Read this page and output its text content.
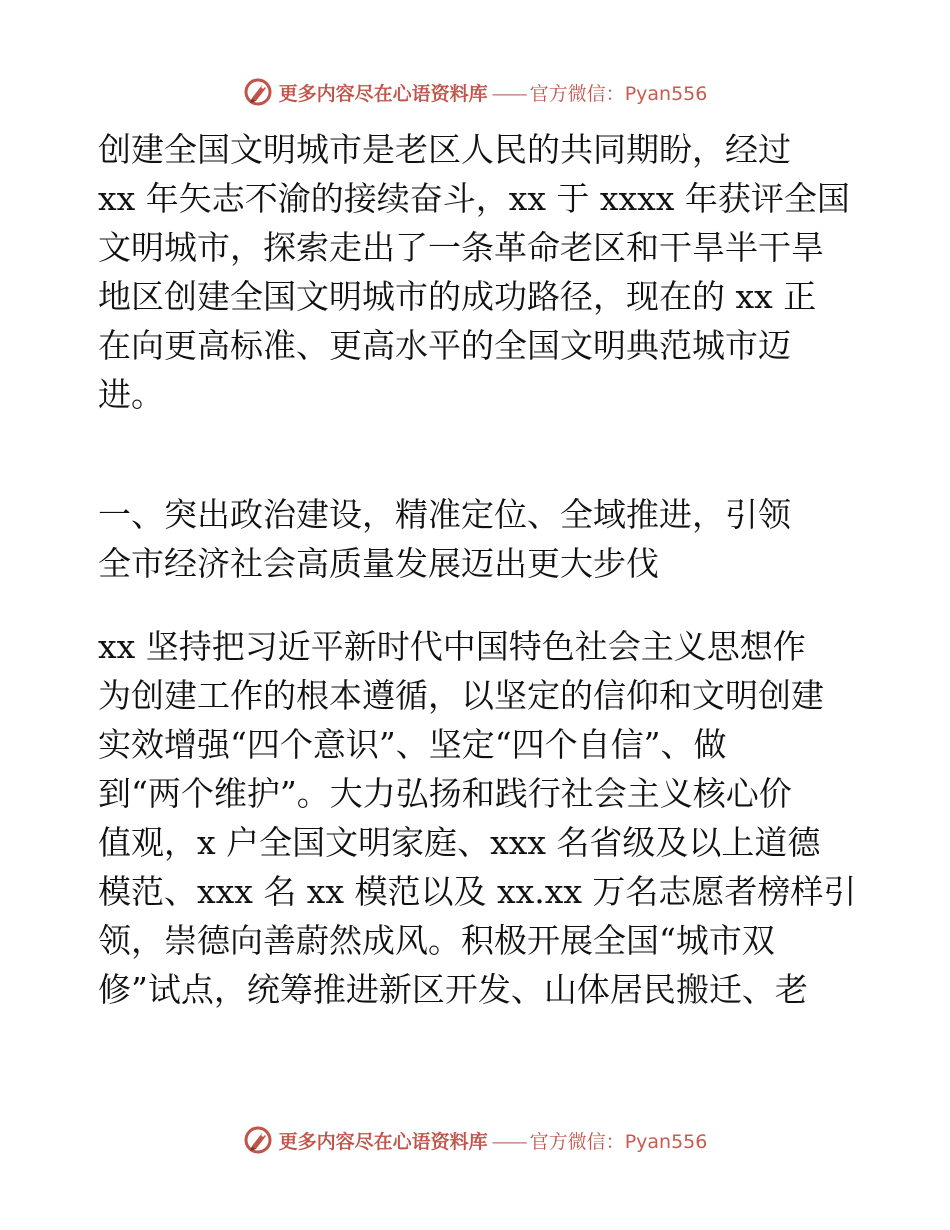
更多内容尽在心语资料库 —— 官方微信：Pyan556

创建全国文明城市是老区人民的共同期盼，经过
xx 年矢志不渝的接续奋斗，xx 于 xxxx 年获评全国
文明城市，探索走出了一条革命老区和干旱半干旱
地区创建全国文明城市的成功路径，现在的 xx 正
在向更高标准、更高水平的全国文明典范城市迈
进。

一、突出政治建设，精准定位、全域推进，引领
全市经济社会高质量发展迈出更大步伐

xx 坚持把习近平新时代中国特色社会主义思想作
为创建工作的根本遵循，以坚定的信仰和文明创建
实效增强“四个意识”、坚定“四个自信”、做
到“两个维护”。大力弘扬和践行社会主义核心价
值观，x 户全国文明家庭、xxx 名省级及以上道德
模范、xxx 名 xx 模范以及 xx.xx 万名志愿者榜样引
领，崇德向善蔚然成风。积极开展全国“城市双
修”试点，统筹推进新区开发、山体居民搬迁、老

更多内容尽在心语资料库 —— 官方微信：Pyan556
